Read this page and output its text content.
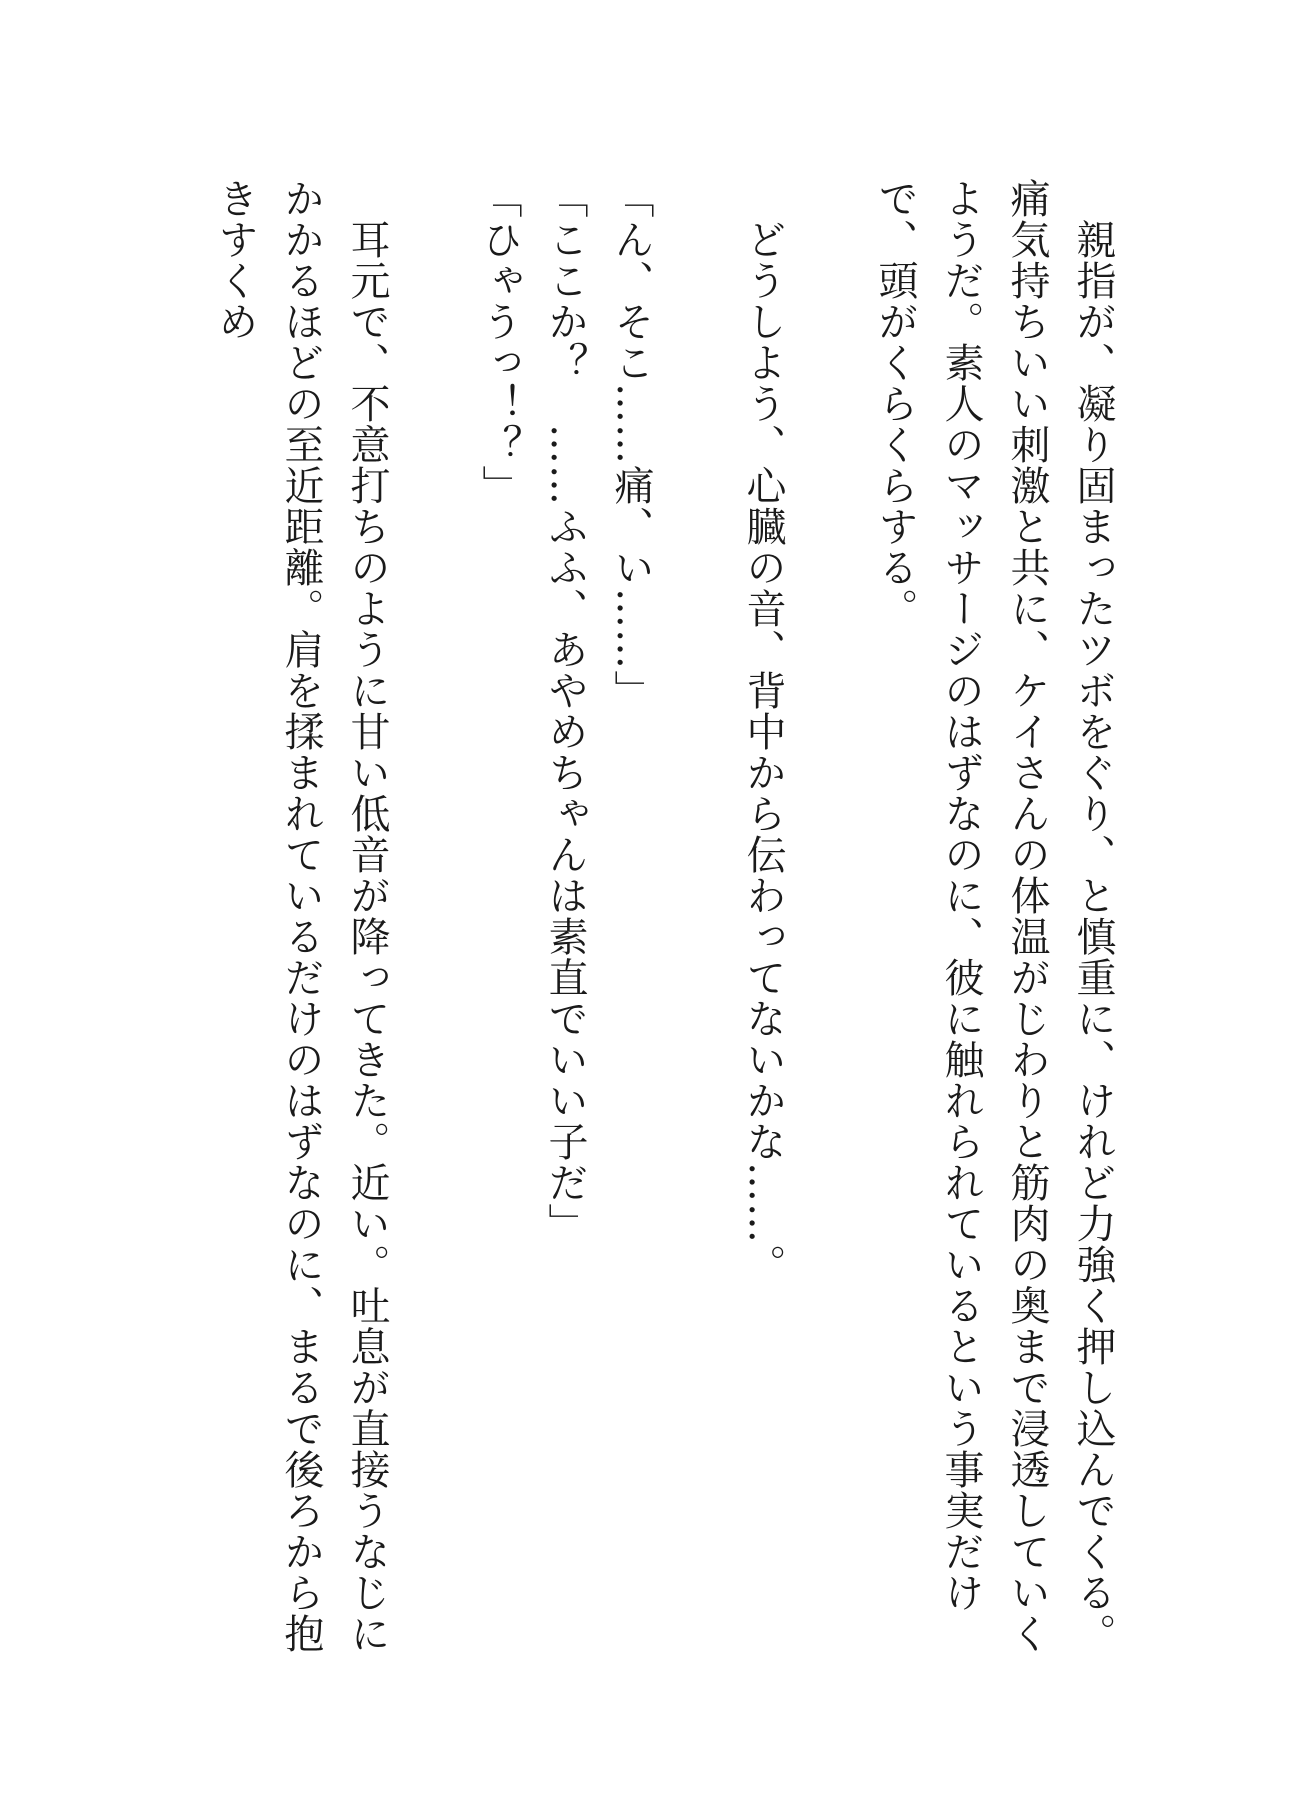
　親指が、凝り固まったツボをぐり、と慎重に、けれど力強く押し込んでくる。痛気持ちいい刺激と共に、ケイさんの体温がじわりと筋肉の奥まで浸透していくようだ。素人のマッサージのはずなのに、彼に触れられているという事実だけで、頭がくらくらする。

　どうしよう、心臓の音、背中から伝わってないかな……。

「ん、そこ……痛、い……」

「ここか？　……ふふ、あやめちゃんは素直でいい子だ」

「ひゃうっ！？」

　耳元で、不意打ちのように甘い低音が降ってきた。近い。吐息が直接うなじにかかるほどの至近距離。肩を揉まれているだけのはずなのに、まるで後ろから抱きすくめ
